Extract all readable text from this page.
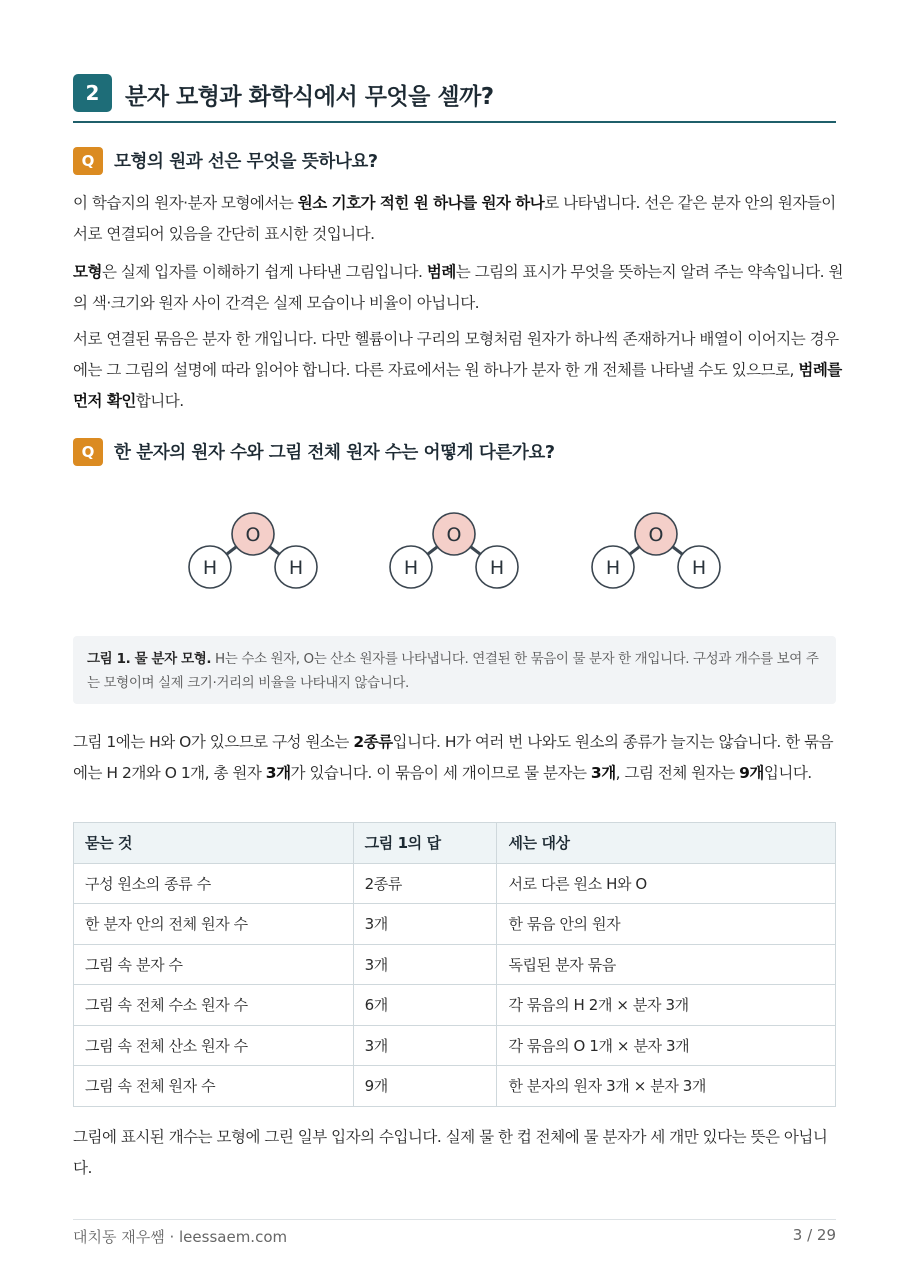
2	분자 모형과 화학식에서 무엇을 셀까?
Q	모형의 원과 선은 무엇을 뜻하나요?

이 학습지의 원자·분자 모형에서는 원소 기호가 적힌 원 하나를 원자 하나로 나타냅니다. 선은 같은 분자 안의 원자들이 서로 연결되어 있음을 간단히 표시한 것입니다.

모형은 실제 입자를 이해하기 쉽게 나타낸 그림입니다. 범례는 그림의 표시가 무엇을 뜻하는지 알려 주는 약속입니다. 원의 색·크기와 원자 사이 간격은 실제 모습이나 비율이 아닙니다.

서로 연결된 묶음은 분자 한 개입니다. 다만 헬륨이나 구리의 모형처럼 원자가 하나씩 존재하거나 배열이 이어지는 경우에는 그 그림의 설명에 따라 읽어야 합니다. 다른 자료에서는 원 하나가 분자 한 개 전체를 나타낼 수도 있으므로, 범례를 먼저 확인합니다.

Q	한 분자의 원자 수와 그림 전체 원자 수는 어떻게 다른가요?
H	H
O
H	H
O
H	H
O
그림 1. 물 분자 모형. H는 수소 원자, O는 산소 원자를 나타냅니다. 연결된 한 묶음이 물 분자 한 개입니다. 구성과 개수를 보여 주는 모형이며 실제 크기·거리의 비율을 나타내지 않습니다.

그림 1에는 H와 O가 있으므로 구성 원소는 2종류입니다. H가 여러 번 나와도 원소의 종류가 늘지는 않습니다. 한 묶음에는 H 2개와 O 1개, 총 원자 3개가 있습니다. 이 묶음이 세 개이므로 물 분자는 3개, 그림 전체 원자는 9개입니다.

묻는 것	그림 1의 답	세는 대상
구성 원소의 종류 수	2종류	서로 다른 원소 H와 O
한 분자 안의 전체 원자 수	3개	한 묶음 안의 원자
그림 속 분자 수	3개	독립된 분자 묶음
그림 속 전체 수소 원자 수	6개	각 묶음의 H 2개 × 분자 3개
그림 속 전체 산소 원자 수	3개	각 묶음의 O 1개 × 분자 3개
그림 속 전체 원자 수	9개	한 분자의 원자 3개 × 분자 3개

그림에 표시된 개수는 모형에 그린 일부 입자의 수입니다. 실제 물 한 컵 전체에 물 분자가 세 개만 있다는 뜻은 아닙니다.

대치동 재우쌤 · leessaem.com	3 / 29
